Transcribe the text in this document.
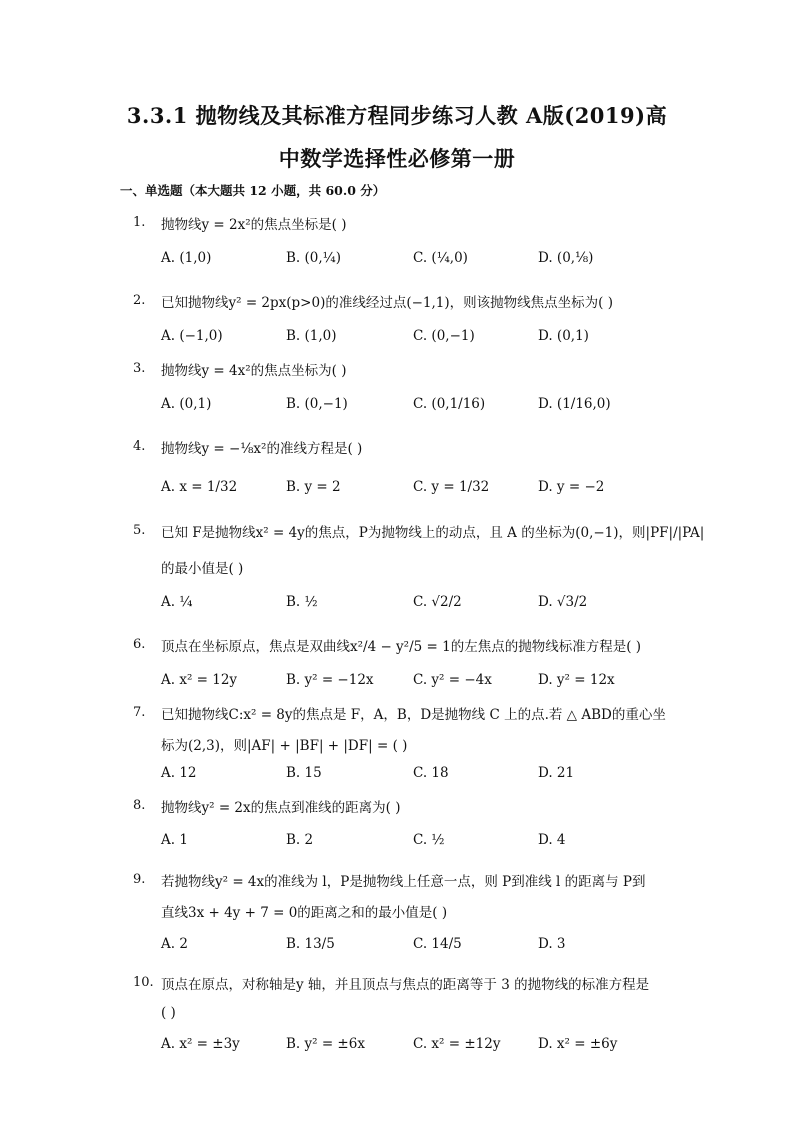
3.3.1 抛物线及其标准方程同步练习人教 A版(2019)高
中数学选择性必修第一册
一、单选题（本大题共 12 小题，共 60.0 分）
1. 抛物线y = 2x²的焦点坐标是( )
A. (1,0)	B. (0,¼)	C. (¼,0)	D. (0,⅛)
2. 已知抛物线y² = 2px(p>0)的准线经过点(−1,1)，则该抛物线焦点坐标为( )
A. (−1,0)	B. (1,0)	C. (0,−1)	D. (0,1)
3. 抛物线y = 4x²的焦点坐标为( )
A. (0,1)	B. (0,−1)	C. (0,1/16)	D. (1/16,0)
4. 抛物线y = −⅛x²的准线方程是( )
A. x = 1/32	B. y = 2	C. y = 1/32	D. y = −2
5. 已知 F是抛物线x² = 4y的焦点，P为抛物线上的动点，且 A 的坐标为(0,−1)，则|PF|/|PA|
的最小值是( )
A. ¼	B. ½	C. √2/2	D. √3/2
6. 顶点在坐标原点，焦点是双曲线x²/4 − y²/5 = 1的左焦点的抛物线标准方程是( )
A. x² = 12y	B. y² = −12x	C. y² = −4x	D. y² = 12x
7. 已知抛物线C:x² = 8y的焦点是 F，A，B，D是抛物线 C 上的点.若 △ ABD的重心坐
标为(2,3)，则|AF| + |BF| + |DF| = ( )
A. 12	B. 15	C. 18	D. 21
8. 抛物线y² = 2x的焦点到准线的距离为( )
A. 1	B. 2	C. ½	D. 4
9. 若抛物线y² = 4x的准线为 l，P是抛物线上任意一点，则 P到准线 l 的距离与 P到
直线3x + 4y + 7 = 0的距离之和的最小值是( )
A. 2	B. 13/5	C. 14/5	D. 3
10. 顶点在原点，对称轴是y 轴，并且顶点与焦点的距离等于 3 的抛物线的标准方程是
( )
A. x² = ±3y	B. y² = ±6x	C. x² = ±12y	D. x² = ±6y
